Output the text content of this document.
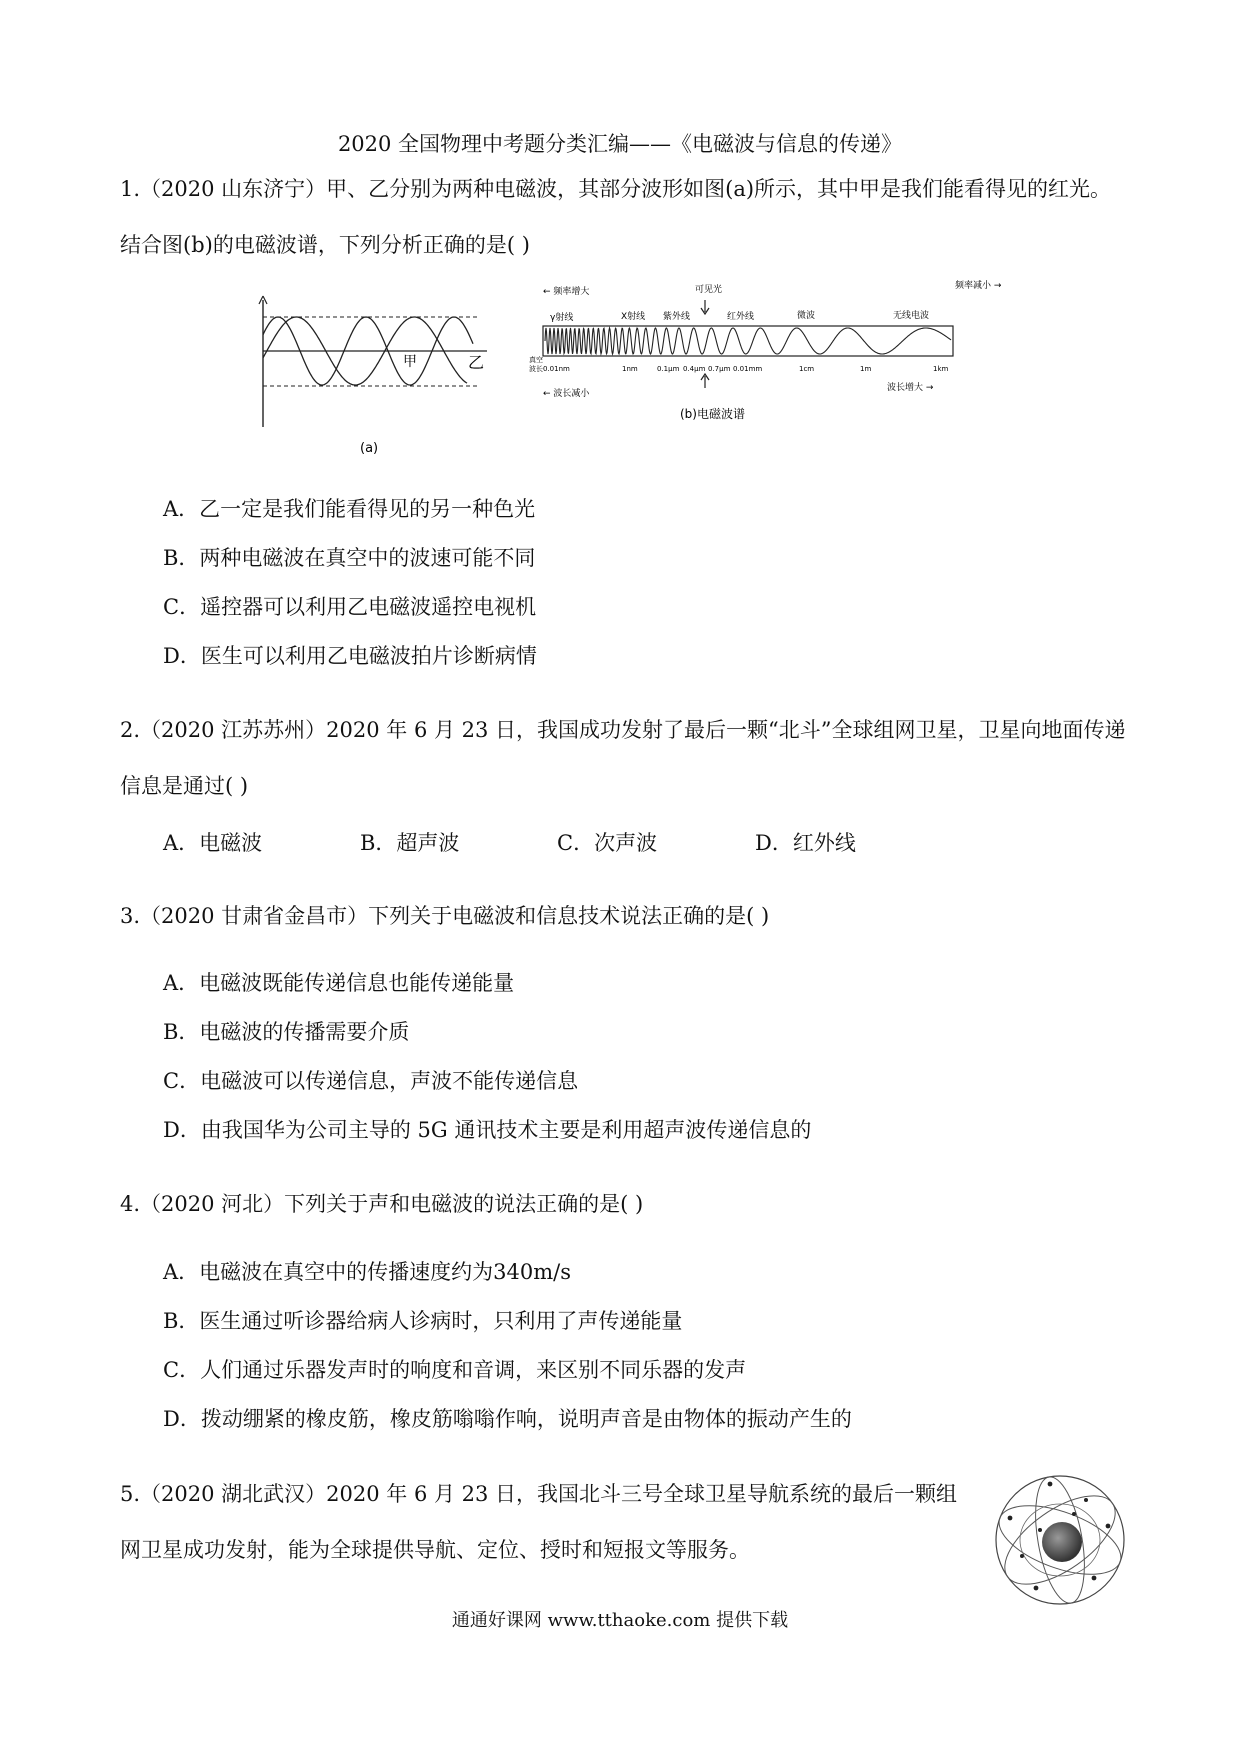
2020 全国物理中考题分类汇编——《电磁波与信息的传递》
1.（2020 山东济宁）甲、乙分别为两种电磁波，其部分波形如图(a)所示，其中甲是我们能看得见的红光。结合图(b)的电磁波谱，下列分析正确的是( )
甲	乙
(a)
← 频率增大
频率减小 →
可见光
γ射线	X射线 紫外线	红外线	微波	无线电波
真空
波长 0.01nm	1nm	0.1μm 0.4μm 0.7μm 0.01mm	1cm	1m	1km
← 波长减小
波长增大 →
(b)电磁波谱
A．乙一定是我们能看得见的另一种色光
B．两种电磁波在真空中的波速可能不同
C．遥控器可以利用乙电磁波遥控电视机
D．医生可以利用乙电磁波拍片诊断病情
2.（2020 江苏苏州）2020 年 6 月 23 日，我国成功发射了最后一颗“北斗”全球组网卫星，卫星向地面传递信息是通过( )
A．电磁波	B．超声波	C．次声波	D．红外线
3.（2020 甘肃省金昌市）下列关于电磁波和信息技术说法正确的是( )
A．电磁波既能传递信息也能传递能量
B．电磁波的传播需要介质
C．电磁波可以传递信息，声波不能传递信息
D．由我国华为公司主导的 5G 通讯技术主要是利用超声波传递信息的
4.（2020 河北）下列关于声和电磁波的说法正确的是( )
A．电磁波在真空中的传播速度约为340m/s
B．医生通过听诊器给病人诊病时，只利用了声传递能量
C．人们通过乐器发声时的响度和音调，来区别不同乐器的发声
D．拨动绷紧的橡皮筋，橡皮筋嗡嗡作响，说明声音是由物体的振动产生的
5.（2020 湖北武汉）2020 年 6 月 23 日，我国北斗三号全球卫星导航系统的最后一颗组网卫星成功发射，能为全球提供导航、定位、授时和短报文等服务。
通通好课网 www.tthaoke.com 提供下载
